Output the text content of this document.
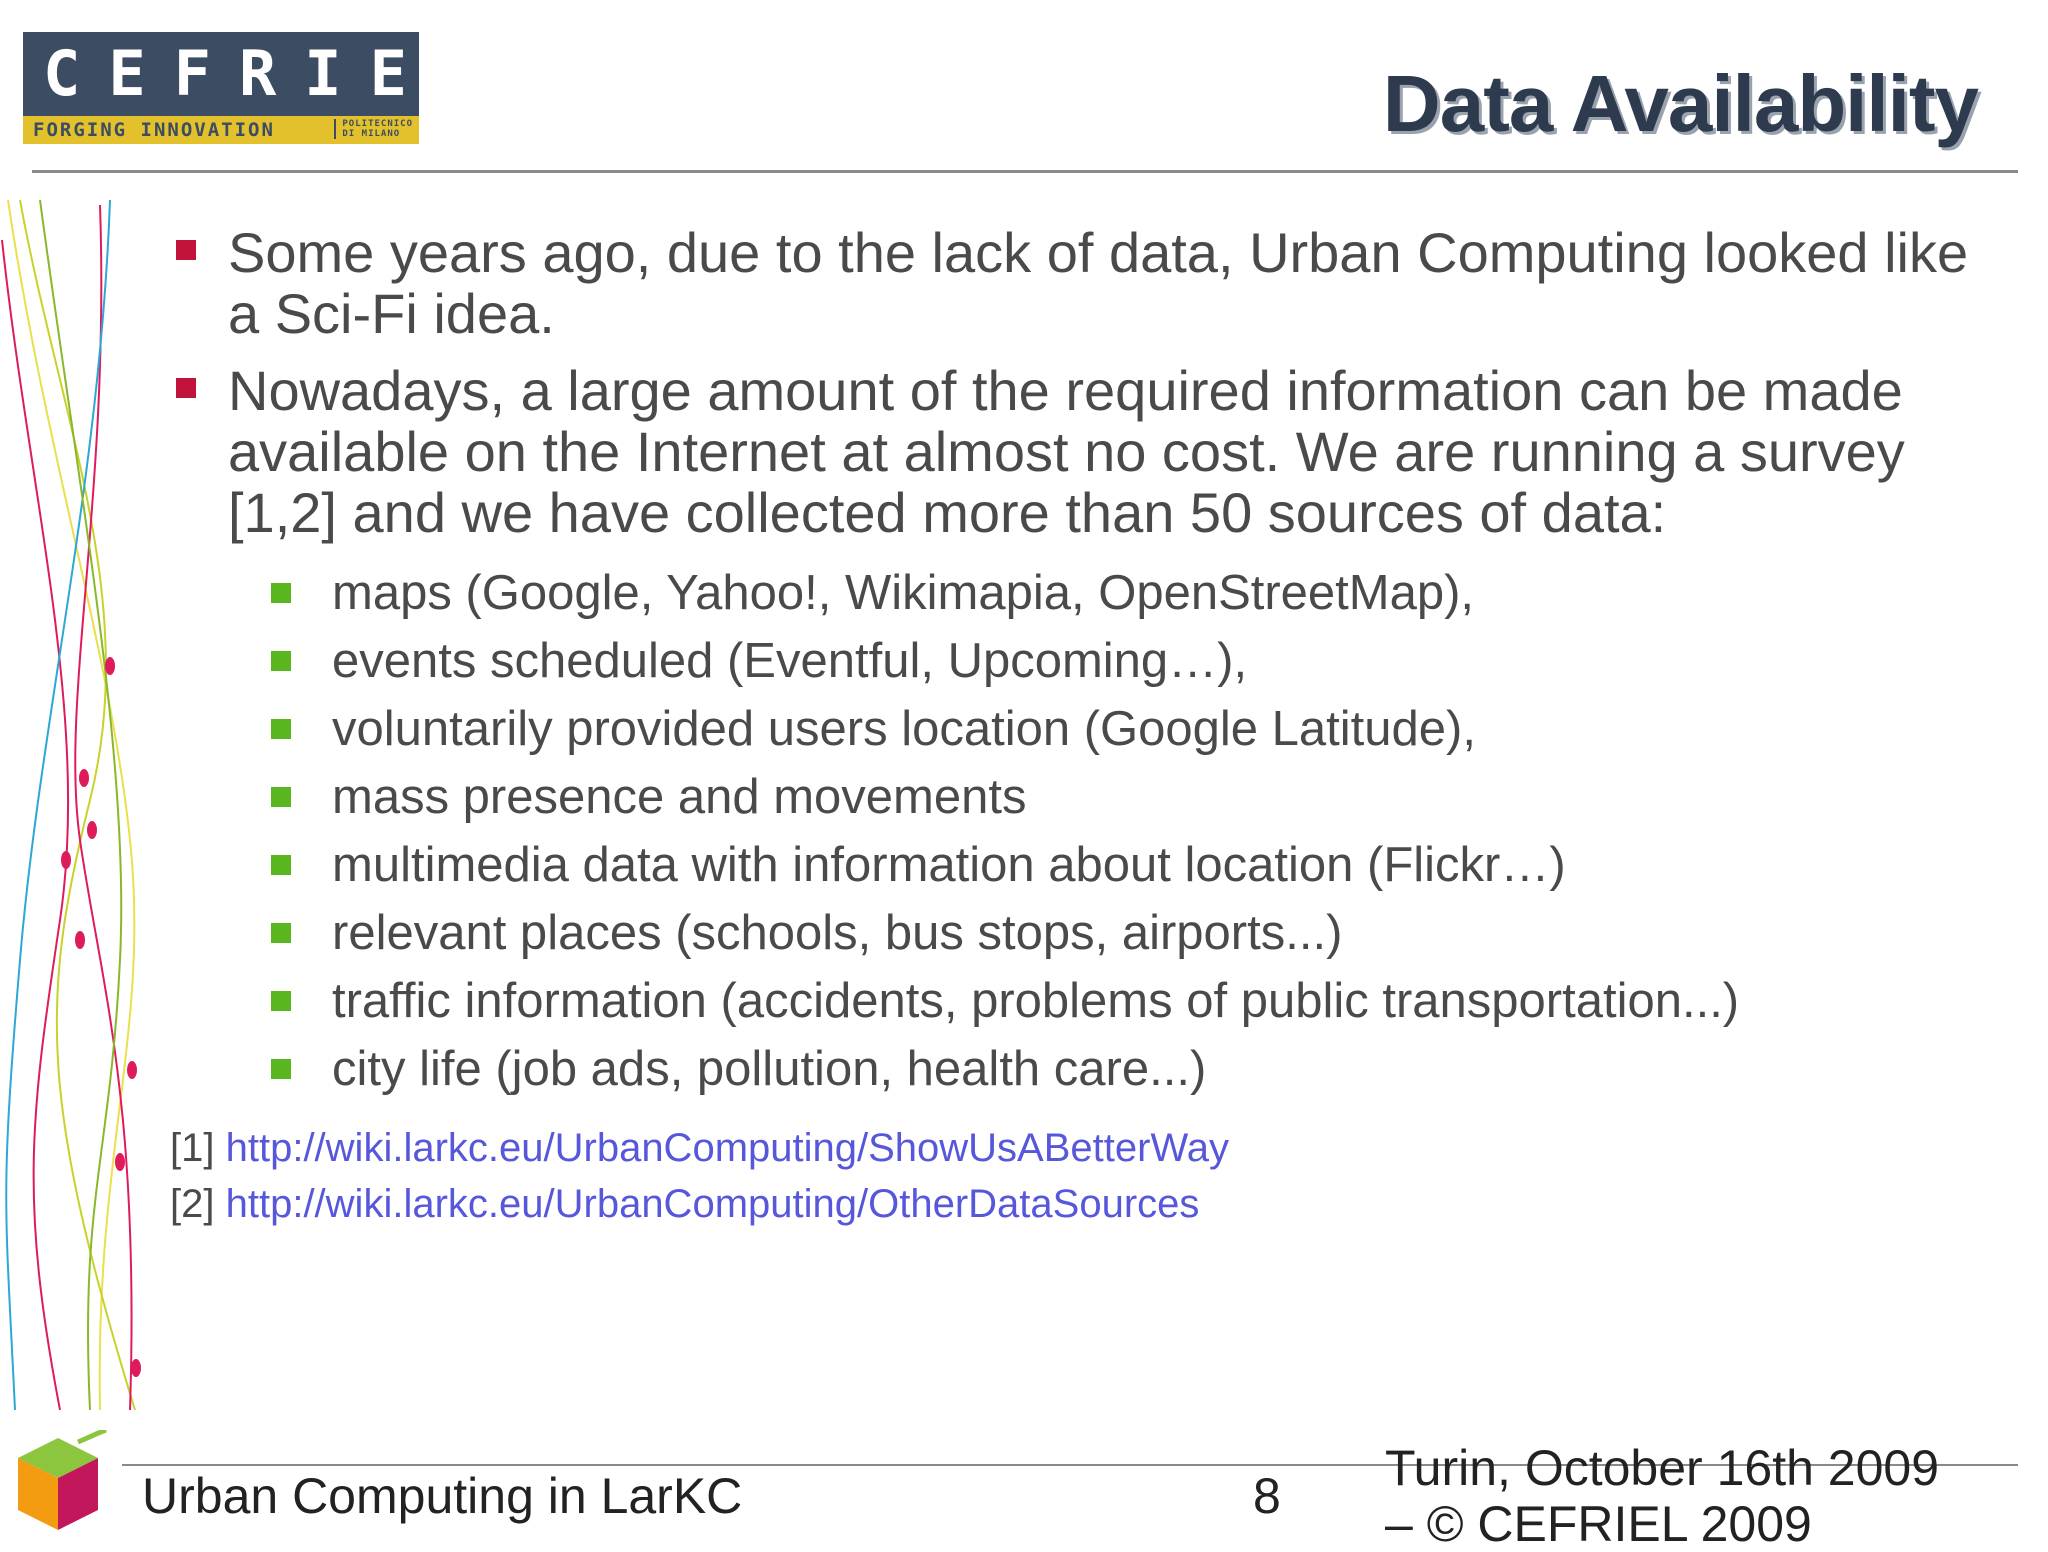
CEFRIEL
FORGING INNOVATION	POLITECNICO
DI MILANO	Data Availability
Some years ago, due to the lack of data, Urban Computing looked like a Sci-Fi idea.
Nowadays, a large amount of the required information can be made available on the Internet at almost no cost. We are running a survey [1,2] and we have collected more than 50 sources of data:
maps (Google, Yahoo!, Wikimapia, OpenStreetMap),
events scheduled (Eventful, Upcoming…),
voluntarily provided users location (Google Latitude),
mass presence and movements
multimedia data with information about location (Flickr…)
relevant places (schools, bus stops, airports...)
traffic information (accidents, problems of public transportation...)
city life (job ads, pollution, health care...)
[1] http://wiki.larkc.eu/UrbanComputing/ShowUsABetterWay
[2] http://wiki.larkc.eu/UrbanComputing/OtherDataSources
Urban Computing in LarKC	8 Turin, October 16th 2009
– © CEFRIEL 2009
